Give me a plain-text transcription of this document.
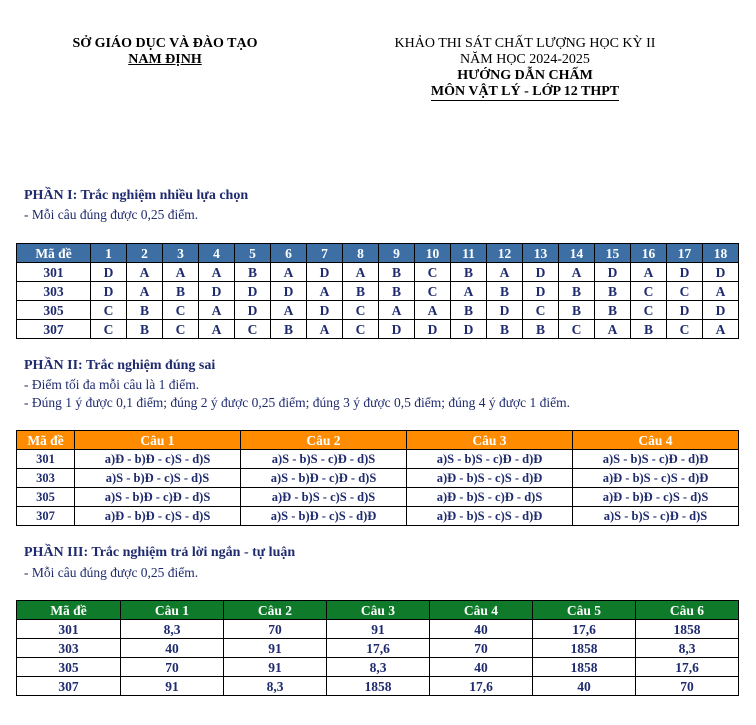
SỞ GIÁO DỤC VÀ ĐÀO TẠO
NAM ĐỊNH
KHẢO THI SÁT CHẤT LƯỢNG HỌC KỲ II
NĂM HỌC 2024-2025
HƯỚNG DẪN CHẤM
MÔN VẬT LÝ - LỚP 12 THPT
PHẦN I: Trắc nghiệm nhiều lựa chọn
- Mỗi câu đúng được 0,25 điểm.
Mã đề	1	2	3	4	5	6	7	8	9	10	11	12	13	14	15	16	17	18
301	D	A	A	A	B	A	D	A	B	C	B	A	D	A	D	A	D	D
303	D	A	B	D	D	D	A	B	B	C	A	B	D	B	B	C	C	A
305	C	B	C	A	D	A	D	C	A	A	B	D	C	B	B	C	D	D
307	C	B	C	A	C	B	A	C	D	D	D	B	B	C	A	B	C	A
PHẦN II: Trắc nghiệm đúng sai
- Điểm tối đa mỗi câu là 1 điểm.
- Đúng 1 ý được 0,1 điểm; đúng 2 ý được 0,25 điểm; đúng 3 ý được 0,5 điểm; đúng 4 ý được 1 điểm.
Mã đề	Câu 1	Câu 2	Câu 3	Câu 4
301	a)Đ - b)Đ - c)S - d)S	a)S - b)S - c)Đ - d)S	a)S - b)S - c)Đ - d)Đ	a)S - b)S - c)Đ - d)Đ
303	a)S - b)Đ - c)S - d)S	a)S - b)Đ - c)Đ - d)S	a)Đ - b)S - c)S - d)Đ	a)Đ - b)S - c)S - d)Đ
305	a)S - b)Đ - c)Đ - d)S	a)Đ - b)S - c)S - d)S	a)Đ - b)S - c)Đ - d)S	a)Đ - b)Đ - c)S - d)S
307	a)Đ - b)Đ - c)S - d)S	a)S - b)Đ - c)S - d)Đ	a)Đ - b)S - c)S - d)Đ	a)S - b)S - c)Đ - d)S
PHẦN III: Trắc nghiệm trả lời ngắn - tự luận
- Mỗi câu đúng được 0,25 điểm.
Mã đề	Câu 1	Câu 2	Câu 3	Câu 4	Câu 5	Câu 6
301	8,3	70	91	40	17,6	1858
303	40	91	17,6	70	1858	8,3
305	70	91	8,3	40	1858	17,6
307	91	8,3	1858	17,6	40	70
